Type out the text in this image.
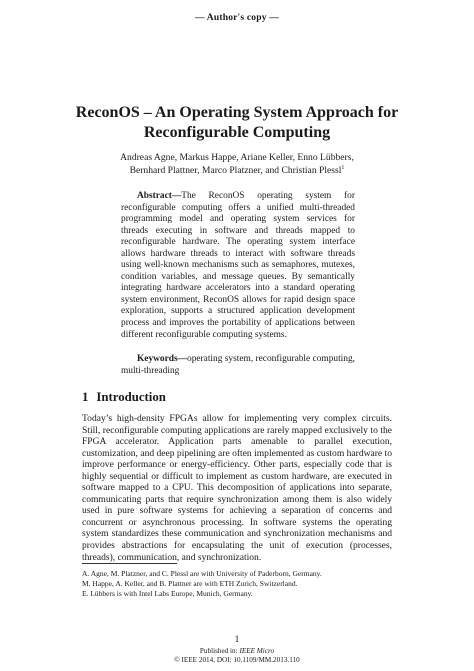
— Author's copy —
ReconOS – An Operating System Approach for
Reconfigurable Computing
Andreas Agne, Markus Happe, Ariane Keller, Enno Lübbers,
Bernhard Plattner, Marco Platzner, and Christian Plessl$^1$

Abstract—The ReconOS operating system for reconfigurable computing offers a unified multi-threaded programming model and operating system services for threads executing in software and threads mapped to reconfigurable hardware. The operating system interface allows hardware threads to interact with software threads using well-known mechanisms such as semaphores, mutexes, condition variables, and message queues. By semantically integrating hardware accelerators into a standard operating system environment, ReconOS allows for rapid design space exploration, supports a structured application development process and improves the portability of applications between different reconfigurable computing systems.

Keywords—operating system, reconfigurable computing, multi-threading

1 Introduction

Today’s high-density FPGAs allow for implementing very complex circuits. Still, reconfigurable computing applications are rarely mapped exclusively to the FPGA accelerator. Application parts amenable to parallel execution, customization, and deep pipelining are often implemented as custom hardware to improve performance or energy-efficiency. Other parts, especially code that is highly sequential or difficult to implement as custom hardware, are executed in software mapped to a CPU. This decomposition of applications into separate, communicating parts that require synchronization among them is also widely used in pure software systems for achieving a separation of concerns and concurrent or asynchronous processing. In software systems the operating system standardizes these communication and synchronization mechanisms and provides abstractions for encapsulating the unit of execution (processes, threads), communication, and synchronization.

A. Agne, M. Platzner, and C. Plessl are with University of Paderborn, Germany.
M. Happe, A. Keller, and B. Plattner are with ETH Zurich, Switzerland.
E. Lübbers is with Intel Labs Europe, Munich, Germany.
1
Published in: IEEE Micro
© IEEE 2014, DOI: 10.1109/MM.2013.110
